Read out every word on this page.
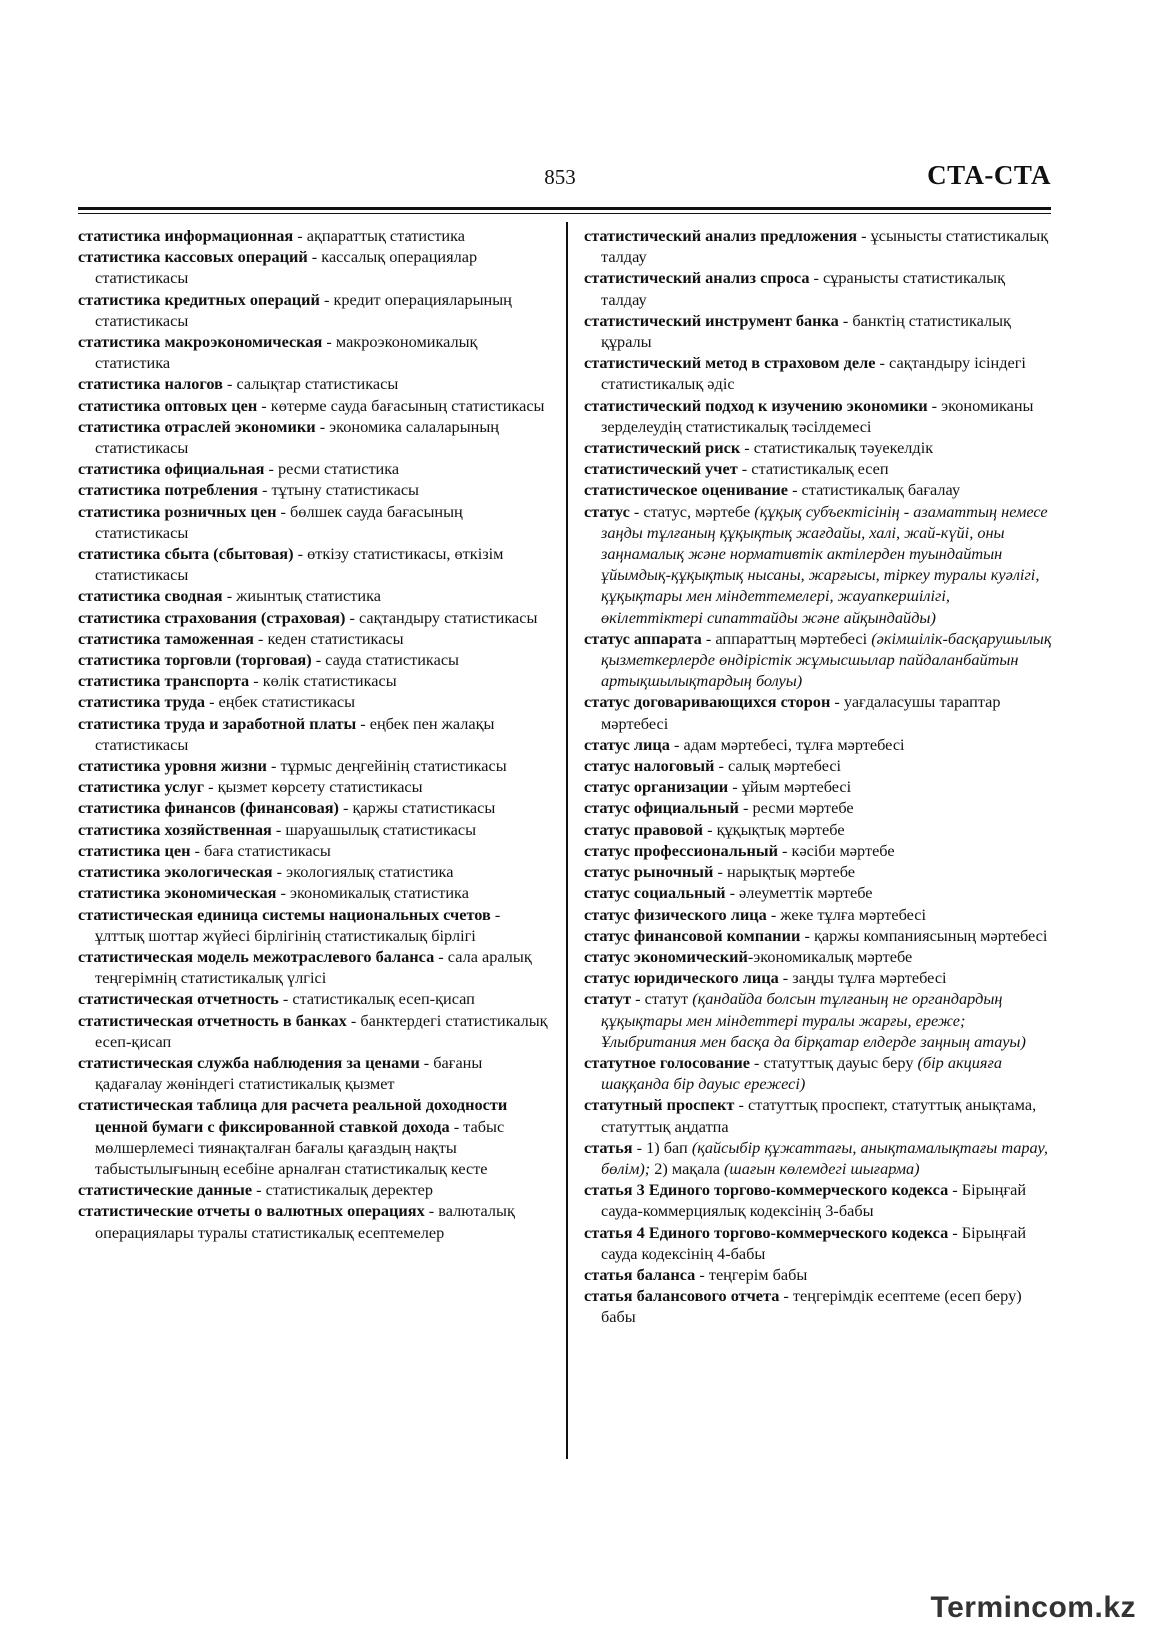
853	СТА-СТА
статистика информационная - ақпараттық статистика
статистика кассовых операций - кассалық операциялар статистикасы
статистика кредитных операций - кредит операцияларының статистикасы
статистика макроэкономическая - макроэкономикалық статистика
статистика налогов - салықтар статистикасы
статистика оптовых цен - көтерме сауда бағасының статистикасы
статистика отраслей экономики - экономика салаларының статистикасы
статистика официальная - ресми статистика
статистика потребления - тұтыну статистикасы
статистика розничных цен - бөлшек сауда бағасының статистикасы
статистика сбыта (сбытовая) - өткізу статистикасы, өткізім статистикасы
статистика сводная - жиынтық статистика
статистика страхования (страховая) - сақтандыру статистикасы
статистика таможенная - кеден статистикасы
статистика торговли (торговая) - сауда статистикасы
статистика транспорта - көлік статистикасы
статистика труда - еңбек статистикасы
статистика труда и заработной платы - еңбек пен жалақы статистикасы
статистика уровня жизни - тұрмыс деңгейінің статистикасы
статистика услуг - қызмет көрсету статистикасы
статистика финансов (финансовая) - қаржы статистикасы
статистика хозяйственная - шаруашылық статистикасы
статистика цен - баға статистикасы
статистика экологическая - экологиялық статистика
статистика экономическая - экономикалық статистика
статистическая единица системы национальных счетов - ұлттық шоттар жүйесі бірлігінің статистикалық бірлігі
статистическая модель межотраслевого баланса - сала аралық теңгерімнің статистикалық үлгісі
статистическая отчетность - статистикалық есеп-қисап
статистическая отчетность в банках - банктердегі статистикалық есеп-қисап
статистическая служба наблюдения за ценами - бағаны қадағалау жөніндегі статистикалық қызмет
статистическая таблица для расчета реальной доходности ценной бумаги с фиксированной ставкой дохода - табыс мөлшерлемесі тиянақталған бағалы қағаздың нақты табыстылығының есебіне арналған статистикалық кесте
статистические данные - статистикалық деректер
статистические отчеты о валютных операциях - валюталық операциялары туралы статистикалық есептемелер
статистический анализ предложения - ұсынысты статистикалық талдау
статистический анализ спроса - сұранысты статистикалық талдау
статистический инструмент банка - банктің статистикалық құралы
статистический метод в страховом деле - сақтандыру ісіндегі статистикалық әдіс
статистический подход к изучению экономики - экономиканы зерделеудің статистикалық тәсілдемесі
статистический риск - статистикалық тәуекелдік
статистический учет - статистикалық есеп
статистическое оценивание - статистикалық бағалау
статус - статус, мәртебе (құқық субъектісінің - азаматтың немесе заңды тұлғаның құқықтық жағдайы, халі, жай-күйі, оны заңнамалық және нормативтік актілерден туындайтын ұйымдық-құқықтық нысаны, жарғысы, тіркеу туралы куәлігі, құқықтары мен міндеттемелері, жауапкершілігі, өкілеттіктері сипаттайды және айқындайды)
статус аппарата - аппараттың мәртебесі (әкімшілік-басқарушылық қызметкерлерде өндірістік жұмысшылар пайдаланбайтын артықшылықтардың болуы)
статус договаривающихся сторон - уағдаласушы тараптар мәртебесі
статус лица - адам мәртебесі, тұлға мәртебесі
статус налоговый - салық мәртебесі
статус организации - ұйым мәртебесі
статус официальный - ресми мәртебе
статус правовой - құқықтық мәртебе
статус профессиональный - кәсіби мәртебе
статус рыночный - нарықтық мәртебе
статус социальный - әлеуметтік мәртебе
статус физического лица - жеке тұлға мәртебесі
статус финансовой компании - қаржы компаниясының мәртебесі
статус экономический-экономикалық мәртебе
статус юридического лица - заңды тұлға мәртебесі
статут - статут (қандайда болсын тұлғаның не органдардың құқықтары мен міндеттері туралы жарғы, ереже; Ұлыбритания мен басқа да бірқатар елдерде заңның атауы)
статутное голосование - статуттық дауыс беру (бір акцияға шаққанда бір дауыс ережесі)
статутный проспект - статуттық проспект, статуттық анықтама, статуттық аңдатпа
статья - 1) бап (қайсыбір құжаттағы, анықтамалықтағы тарау, бөлім); 2) мақала (шағын көлемдегі шығарма)
статья 3 Единого торгово-коммерческого кодекса - Бірыңғай сауда-коммерциялық кодексінің 3-бабы
статья 4 Единого торгово-коммерческого кодекса - Бірыңғай сауда кодексінің 4-бабы
статья баланса - теңгерім бабы
статья балансового отчета - теңгерімдік есептеме (есеп беру) бабы
Termincom.kz
